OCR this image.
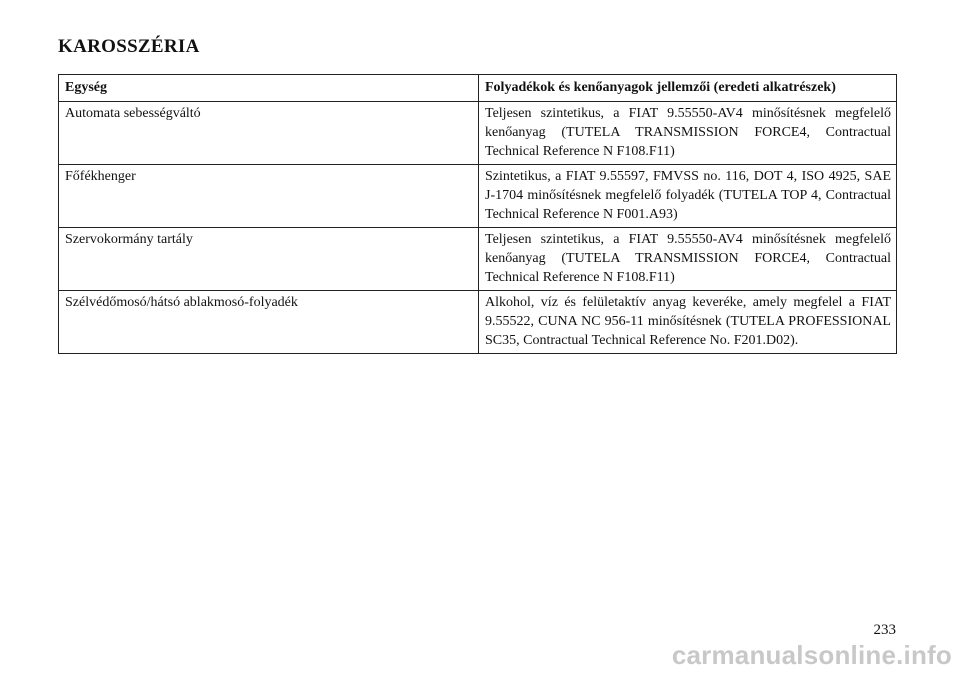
KAROSSZÉRIA
Egység	Folyadékok és kenőanyagok jellemzői (eredeti alkatrészek)
Automata sebességváltó	Teljesen szintetikus, a FIAT 9.55550-AV4 minősítésnek megfelelő kenőanyag (TUTELA TRANSMISSION FORCE4, Contractual Technical Reference N F108.F11)
Főfékhenger	Szintetikus, a FIAT 9.55597, FMVSS no. 116, DOT 4, ISO 4925, SAE J-1704 minősítésnek megfelelő folyadék (TUTELA TOP 4, Contractual Technical Reference N F001.A93)
Szervokormány tartály	Teljesen szintetikus, a FIAT 9.55550-AV4 minősítésnek megfelelő kenőanyag (TUTELA TRANSMISSION FORCE4, Contractual Technical Reference N F108.F11)
Szélvédőmosó/hátsó ablakmosó-folyadék	Alkohol, víz és felületaktív anyag keveréke, amely megfelel a FIAT 9.55522, CUNA NC 956-11 minősítésnek (TUTELA PROFESSIONAL SC35, Contractual Technical Reference No. F201.D02).
233
carmanualsonline.info
